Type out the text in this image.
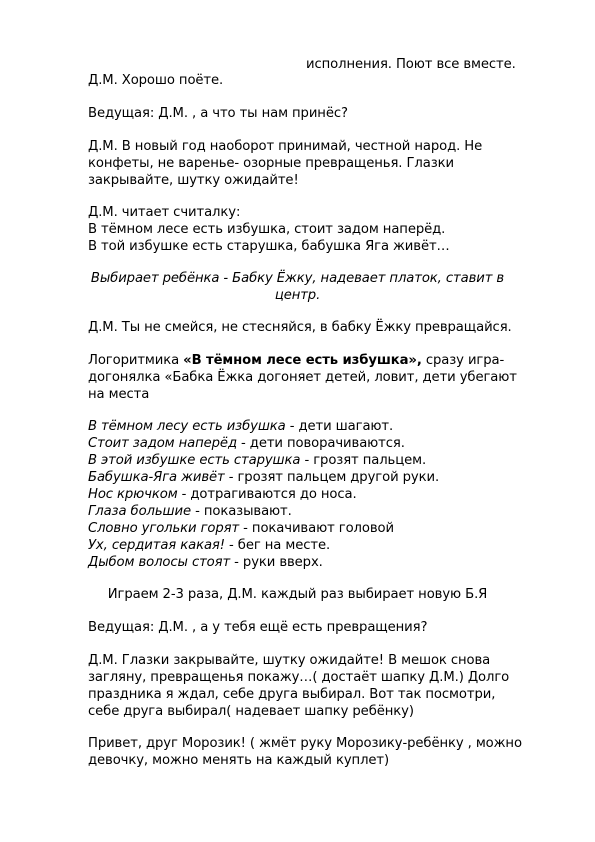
исполнения. Поют все вместе.
Д.М. Хорошо поёте.
Ведущая: Д.М. , а что ты нам принёс?
Д.М. В новый год наоборот принимай, честной народ. Не
конфеты, не варенье- озорные превращенья. Глазки
закрывайте, шутку ожидайте!
Д.М. читает считалку:
В тёмном лесе есть избушка, стоит задом наперёд.
В той избушке есть старушка, бабушка Яга живёт…
Выбирает ребёнка - Бабку Ёжку, надевает платок, ставит в
центр.
Д.М. Ты не смейся, не стесняйся, в бабку Ёжку превращайся.
Логоритмика «В тёмном лесе есть избушка», сразу игра-
догонялка «Бабка Ёжка догоняет детей, ловит, дети убегают
на места
В тёмном лесу есть избушка - дети шагают.
Стоит задом наперёд - дети поворачиваются.
В этой избушке есть старушка - грозят пальцем.
Бабушка-Яга живёт - грозят пальцем другой руки.
Нос крючком - дотрагиваются до носа.
Глаза большие - показывают.
Словно угольки горят - покачивают головой
Ух, сердитая какая! - бег на месте.
Дыбом волосы стоят - руки вверх.
Играем 2-3 раза, Д.М. каждый раз выбирает новую Б.Я
Ведущая: Д.М. , а у тебя ещё есть превращения?
Д.М. Глазки закрывайте, шутку ожидайте! В мешок снова
загляну, превращенья покажу…( достаёт шапку Д.М.) Долго
праздника я ждал, себе друга выбирал. Вот так посмотри,
себе друга выбирал( надевает шапку ребёнку)
Привет, друг Морозик! ( жмёт руку Морозику-ребёнку , можно
девочку, можно менять на каждый куплет)
